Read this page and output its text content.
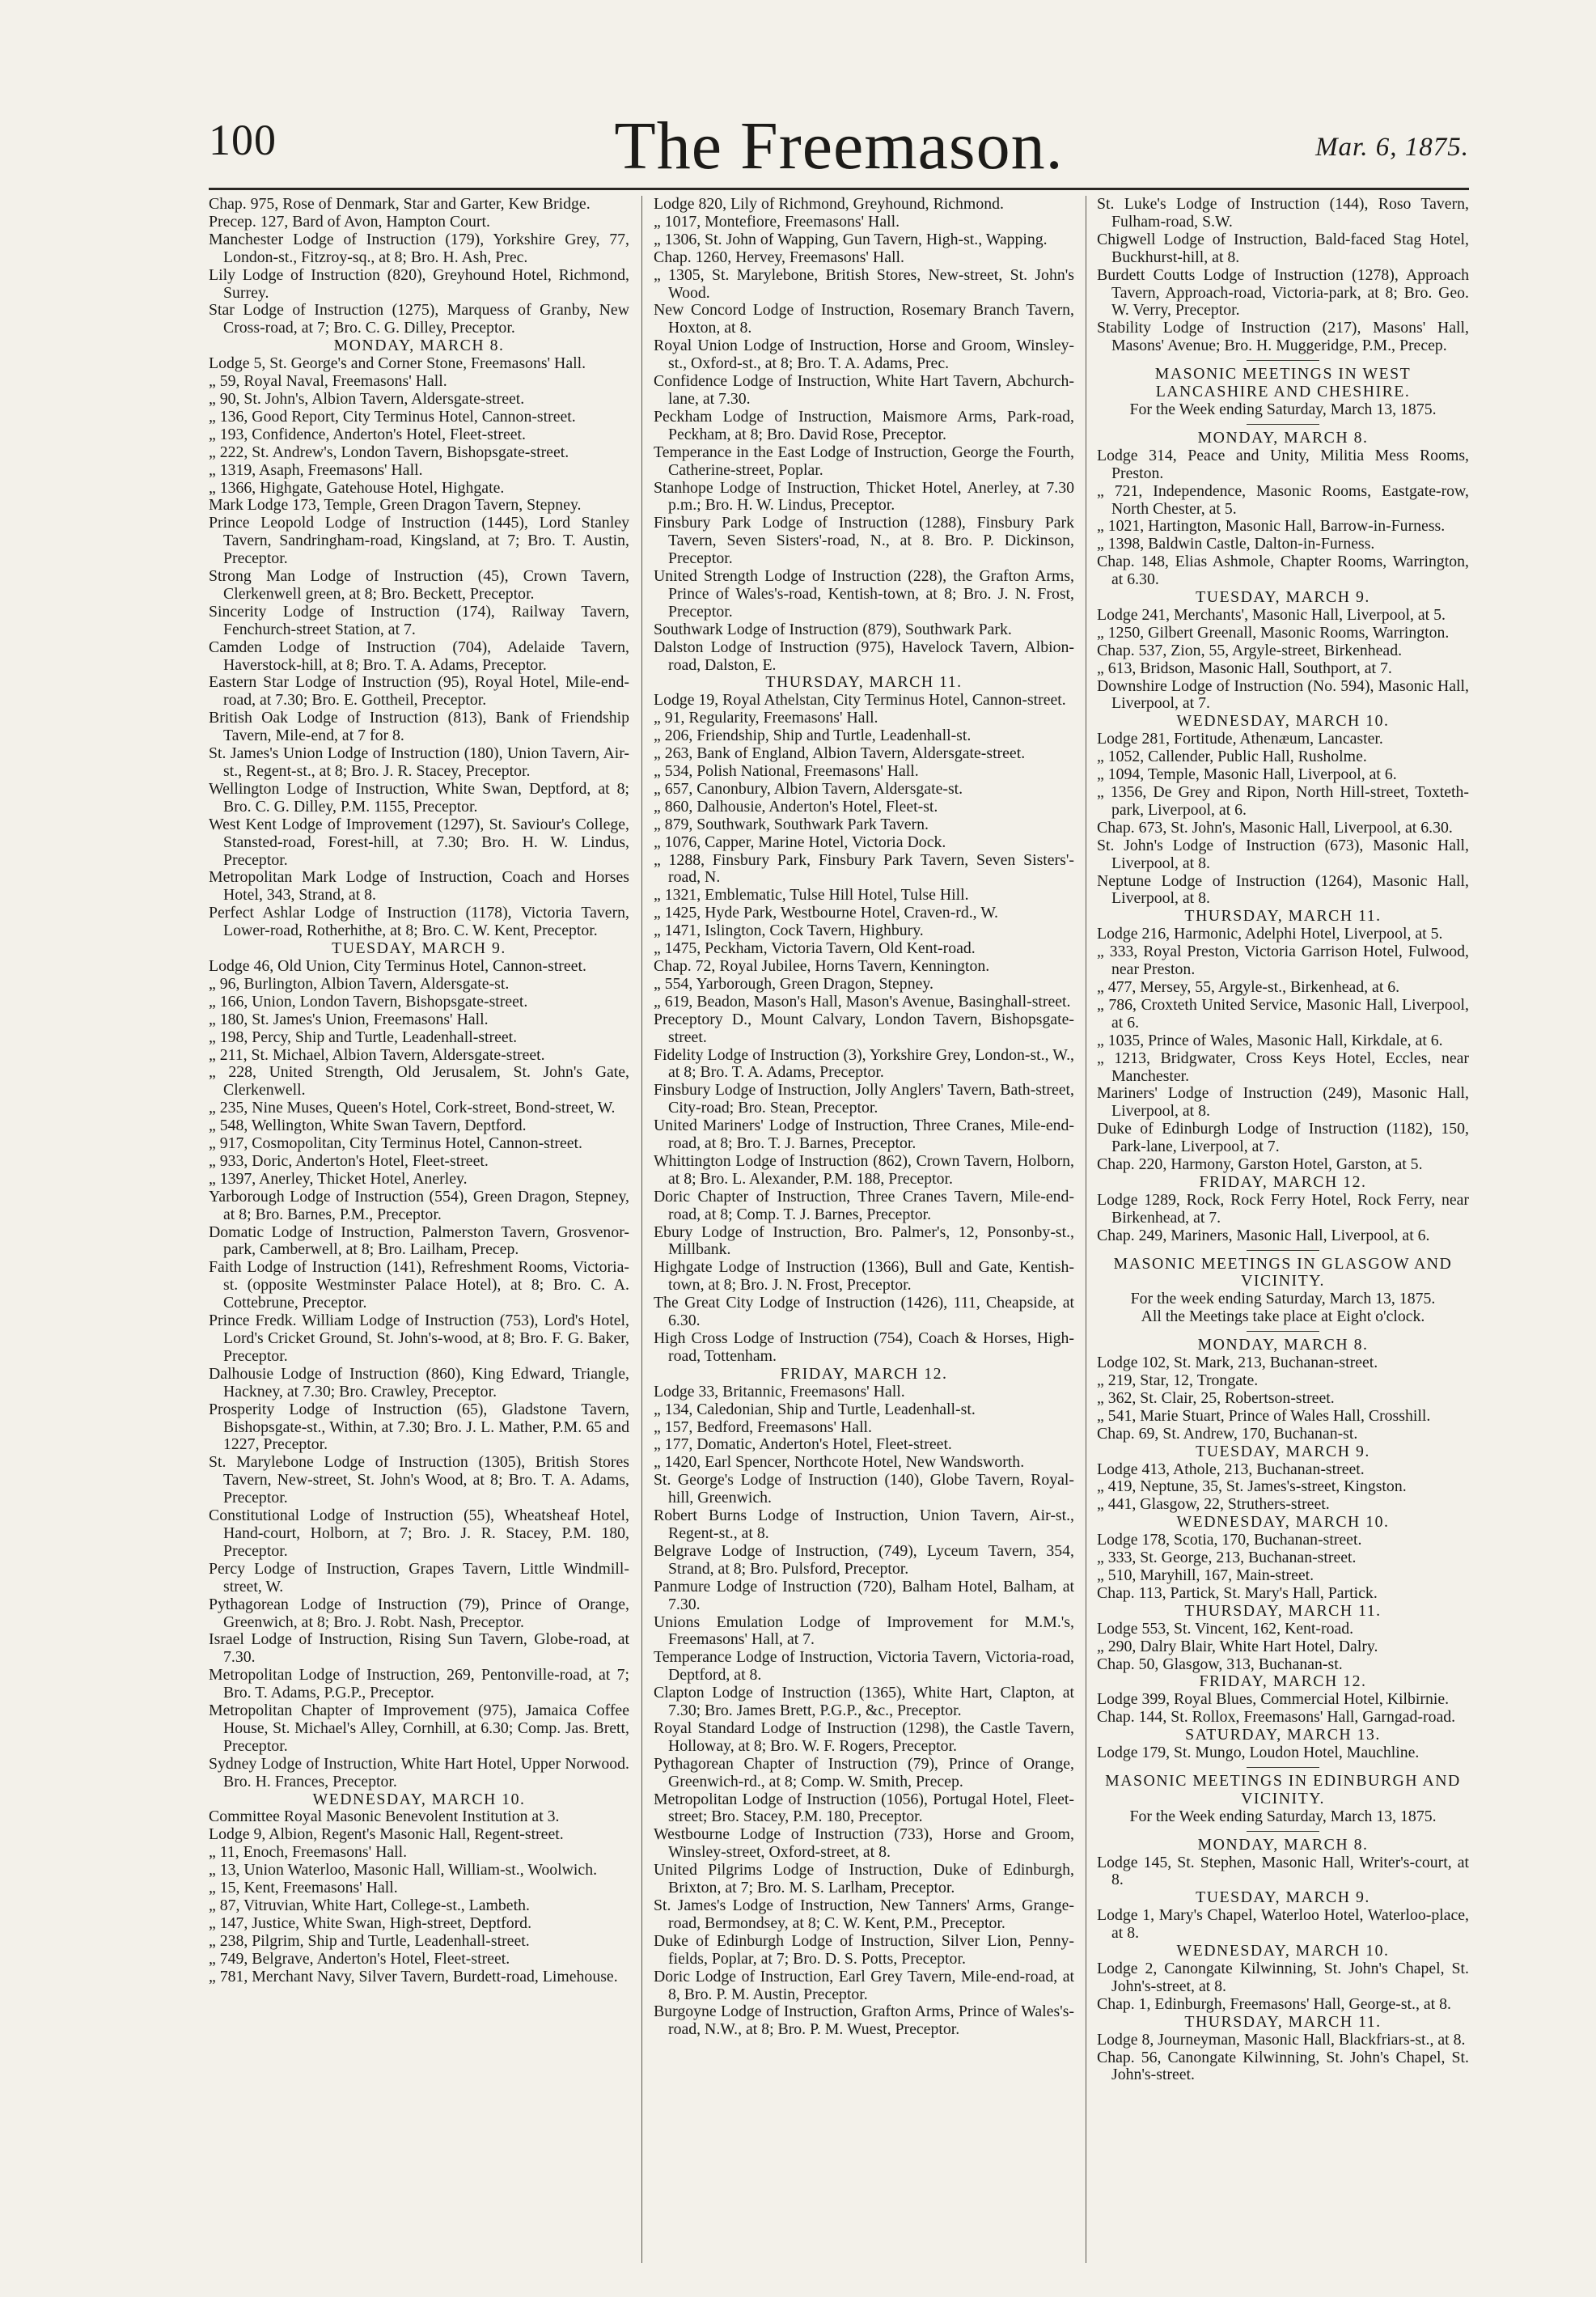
100	The Freemason.	Mar. 6, 1875.

Chap. 975, Rose of Denmark, Star and Garter, Kew Bridge.

Precep. 127, Bard of Avon, Hampton Court.

Manchester Lodge of Instruction (179), Yorkshire Grey, 77, London-st., Fitzroy-sq., at 8; Bro. H. Ash, Prec.

Lily Lodge of Instruction (820), Greyhound Hotel, Richmond, Surrey.

Star Lodge of Instruction (1275), Marquess of Granby, New Cross-road, at 7; Bro. C. G. Dilley, Preceptor.

MONDAY, MARCH 8.

Lodge 5, St. George's and Corner Stone, Freemasons' Hall.

„ 59, Royal Naval, Freemasons' Hall.

„ 90, St. John's, Albion Tavern, Aldersgate-street.

„ 136, Good Report, City Terminus Hotel, Cannon-street.

„ 193, Confidence, Anderton's Hotel, Fleet-street.

„ 222, St. Andrew's, London Tavern, Bishopsgate-street.

„ 1319, Asaph, Freemasons' Hall.

„ 1366, Highgate, Gatehouse Hotel, Highgate.

Mark Lodge 173, Temple, Green Dragon Tavern, Stepney.

Prince Leopold Lodge of Instruction (1445), Lord Stanley Tavern, Sandringham-road, Kingsland, at 7; Bro. T. Austin, Preceptor.

Strong Man Lodge of Instruction (45), Crown Tavern, Clerkenwell green, at 8; Bro. Beckett, Preceptor.

Sincerity Lodge of Instruction (174), Railway Tavern, Fenchurch-street Station, at 7.

Camden Lodge of Instruction (704), Adelaide Tavern, Haverstock-hill, at 8; Bro. T. A. Adams, Preceptor.

Eastern Star Lodge of Instruction (95), Royal Hotel, Mile-end-road, at 7.30; Bro. E. Gottheil, Preceptor.

British Oak Lodge of Instruction (813), Bank of Friendship Tavern, Mile-end, at 7 for 8.

St. James's Union Lodge of Instruction (180), Union Tavern, Air-st., Regent-st., at 8; Bro. J. R. Stacey, Preceptor.

Wellington Lodge of Instruction, White Swan, Deptford, at 8; Bro. C. G. Dilley, P.M. 1155, Preceptor.

West Kent Lodge of Improvement (1297), St. Saviour's College, Stansted-road, Forest-hill, at 7.30; Bro. H. W. Lindus, Preceptor.

Metropolitan Mark Lodge of Instruction, Coach and Horses Hotel, 343, Strand, at 8.

Perfect Ashlar Lodge of Instruction (1178), Victoria Tavern, Lower-road, Rotherhithe, at 8; Bro. C. W. Kent, Preceptor.

TUESDAY, MARCH 9.

Lodge 46, Old Union, City Terminus Hotel, Cannon-street.

„ 96, Burlington, Albion Tavern, Aldersgate-st.

„ 166, Union, London Tavern, Bishopsgate-street.

„ 180, St. James's Union, Freemasons' Hall.

„ 198, Percy, Ship and Turtle, Leadenhall-street.

„ 211, St. Michael, Albion Tavern, Aldersgate-street.

„ 228, United Strength, Old Jerusalem, St. John's Gate, Clerkenwell.

„ 235, Nine Muses, Queen's Hotel, Cork-street, Bond-street, W.

„ 548, Wellington, White Swan Tavern, Deptford.

„ 917, Cosmopolitan, City Terminus Hotel, Cannon-street.

„ 933, Doric, Anderton's Hotel, Fleet-street.

„ 1397, Anerley, Thicket Hotel, Anerley.

Yarborough Lodge of Instruction (554), Green Dragon, Stepney, at 8; Bro. Barnes, P.M., Preceptor.

Domatic Lodge of Instruction, Palmerston Tavern, Grosvenor-park, Camberwell, at 8; Bro. Lailham, Precep.

Faith Lodge of Instruction (141), Refreshment Rooms, Victoria-st. (opposite Westminster Palace Hotel), at 8; Bro. C. A. Cottebrune, Preceptor.

Prince Fredk. William Lodge of Instruction (753), Lord's Hotel, Lord's Cricket Ground, St. John's-wood, at 8; Bro. F. G. Baker, Preceptor.

Dalhousie Lodge of Instruction (860), King Edward, Triangle, Hackney, at 7.30; Bro. Crawley, Preceptor.

Prosperity Lodge of Instruction (65), Gladstone Tavern, Bishopsgate-st., Within, at 7.30; Bro. J. L. Mather, P.M. 65 and 1227, Preceptor.

St. Marylebone Lodge of Instruction (1305), British Stores Tavern, New-street, St. John's Wood, at 8; Bro. T. A. Adams, Preceptor.

Constitutional Lodge of Instruction (55), Wheatsheaf Hotel, Hand-court, Holborn, at 7; Bro. J. R. Stacey, P.M. 180, Preceptor.

Percy Lodge of Instruction, Grapes Tavern, Little Windmill-street, W.

Pythagorean Lodge of Instruction (79), Prince of Orange, Greenwich, at 8; Bro. J. Robt. Nash, Preceptor.

Israel Lodge of Instruction, Rising Sun Tavern, Globe-road, at 7.30.

Metropolitan Lodge of Instruction, 269, Pentonville-road, at 7; Bro. T. Adams, P.G.P., Preceptor.

Metropolitan Chapter of Improvement (975), Jamaica Coffee House, St. Michael's Alley, Cornhill, at 6.30; Comp. Jas. Brett, Preceptor.

Sydney Lodge of Instruction, White Hart Hotel, Upper Norwood. Bro. H. Frances, Preceptor.

WEDNESDAY, MARCH 10.

Committee Royal Masonic Benevolent Institution at 3.

Lodge 9, Albion, Regent's Masonic Hall, Regent-street.

„ 11, Enoch, Freemasons' Hall.

„ 13, Union Waterloo, Masonic Hall, William-st., Woolwich.

„ 15, Kent, Freemasons' Hall.

„ 87, Vitruvian, White Hart, College-st., Lambeth.

„ 147, Justice, White Swan, High-street, Deptford.

„ 238, Pilgrim, Ship and Turtle, Leadenhall-street.

„ 749, Belgrave, Anderton's Hotel, Fleet-street.

„ 781, Merchant Navy, Silver Tavern, Burdett-road, Limehouse.

Lodge 820, Lily of Richmond, Greyhound, Richmond.

„ 1017, Montefiore, Freemasons' Hall.

„ 1306, St. John of Wapping, Gun Tavern, High-st., Wapping.

Chap. 1260, Hervey, Freemasons' Hall.

„ 1305, St. Marylebone, British Stores, New-street, St. John's Wood.

New Concord Lodge of Instruction, Rosemary Branch Tavern, Hoxton, at 8.

Royal Union Lodge of Instruction, Horse and Groom, Winsley-st., Oxford-st., at 8; Bro. T. A. Adams, Prec.

Confidence Lodge of Instruction, White Hart Tavern, Abchurch-lane, at 7.30.

Peckham Lodge of Instruction, Maismore Arms, Park-road, Peckham, at 8; Bro. David Rose, Preceptor.

Temperance in the East Lodge of Instruction, George the Fourth, Catherine-street, Poplar.

Stanhope Lodge of Instruction, Thicket Hotel, Anerley, at 7.30 p.m.; Bro. H. W. Lindus, Preceptor.

Finsbury Park Lodge of Instruction (1288), Finsbury Park Tavern, Seven Sisters'-road, N., at 8. Bro. P. Dickinson, Preceptor.

United Strength Lodge of Instruction (228), the Grafton Arms, Prince of Wales's-road, Kentish-town, at 8; Bro. J. N. Frost, Preceptor.

Southwark Lodge of Instruction (879), Southwark Park.

Dalston Lodge of Instruction (975), Havelock Tavern, Albion-road, Dalston, E.

THURSDAY, MARCH 11.

Lodge 19, Royal Athelstan, City Terminus Hotel, Cannon-street.

„ 91, Regularity, Freemasons' Hall.

„ 206, Friendship, Ship and Turtle, Leadenhall-st.

„ 263, Bank of England, Albion Tavern, Aldersgate-street.

„ 534, Polish National, Freemasons' Hall.

„ 657, Canonbury, Albion Tavern, Aldersgate-st.

„ 860, Dalhousie, Anderton's Hotel, Fleet-st.

„ 879, Southwark, Southwark Park Tavern.

„ 1076, Capper, Marine Hotel, Victoria Dock.

„ 1288, Finsbury Park, Finsbury Park Tavern, Seven Sisters'-road, N.

„ 1321, Emblematic, Tulse Hill Hotel, Tulse Hill.

„ 1425, Hyde Park, Westbourne Hotel, Craven-rd., W.

„ 1471, Islington, Cock Tavern, Highbury.

„ 1475, Peckham, Victoria Tavern, Old Kent-road.

Chap. 72, Royal Jubilee, Horns Tavern, Kennington.

„ 554, Yarborough, Green Dragon, Stepney.

„ 619, Beadon, Mason's Hall, Mason's Avenue, Basinghall-street.

Preceptory D., Mount Calvary, London Tavern, Bishopsgate-street.

Fidelity Lodge of Instruction (3), Yorkshire Grey, London-st., W., at 8; Bro. T. A. Adams, Preceptor.

Finsbury Lodge of Instruction, Jolly Anglers' Tavern, Bath-street, City-road; Bro. Stean, Preceptor.

United Mariners' Lodge of Instruction, Three Cranes, Mile-end-road, at 8; Bro. T. J. Barnes, Preceptor.

Whittington Lodge of Instruction (862), Crown Tavern, Holborn, at 8; Bro. L. Alexander, P.M. 188, Preceptor.

Doric Chapter of Instruction, Three Cranes Tavern, Mile-end-road, at 8; Comp. T. J. Barnes, Preceptor.

Ebury Lodge of Instruction, Bro. Palmer's, 12, Ponsonby-st., Millbank.

Highgate Lodge of Instruction (1366), Bull and Gate, Kentish-town, at 8; Bro. J. N. Frost, Preceptor.

The Great City Lodge of Instruction (1426), 111, Cheapside, at 6.30.

High Cross Lodge of Instruction (754), Coach & Horses, High-road, Tottenham.

FRIDAY, MARCH 12.

Lodge 33, Britannic, Freemasons' Hall.

„ 134, Caledonian, Ship and Turtle, Leadenhall-st.

„ 157, Bedford, Freemasons' Hall.

„ 177, Domatic, Anderton's Hotel, Fleet-street.

„ 1420, Earl Spencer, Northcote Hotel, New Wandsworth.

St. George's Lodge of Instruction (140), Globe Tavern, Royal-hill, Greenwich.

Robert Burns Lodge of Instruction, Union Tavern, Air-st., Regent-st., at 8.

Belgrave Lodge of Instruction, (749), Lyceum Tavern, 354, Strand, at 8; Bro. Pulsford, Preceptor.

Panmure Lodge of Instruction (720), Balham Hotel, Balham, at 7.30.

Unions Emulation Lodge of Improvement for M.M.'s, Freemasons' Hall, at 7.

Temperance Lodge of Instruction, Victoria Tavern, Victoria-road, Deptford, at 8.

Clapton Lodge of Instruction (1365), White Hart, Clapton, at 7.30; Bro. James Brett, P.G.P., &c., Preceptor.

Royal Standard Lodge of Instruction (1298), the Castle Tavern, Holloway, at 8; Bro. W. F. Rogers, Preceptor.

Pythagorean Chapter of Instruction (79), Prince of Orange, Greenwich-rd., at 8; Comp. W. Smith, Precep.

Metropolitan Lodge of Instruction (1056), Portugal Hotel, Fleet-street; Bro. Stacey, P.M. 180, Preceptor.

Westbourne Lodge of Instruction (733), Horse and Groom, Winsley-street, Oxford-street, at 8.

United Pilgrims Lodge of Instruction, Duke of Edinburgh, Brixton, at 7; Bro. M. S. Larlham, Preceptor.

St. James's Lodge of Instruction, New Tanners' Arms, Grange-road, Bermondsey, at 8; C. W. Kent, P.M., Preceptor.

Duke of Edinburgh Lodge of Instruction, Silver Lion, Penny-fields, Poplar, at 7; Bro. D. S. Potts, Preceptor.

Doric Lodge of Instruction, Earl Grey Tavern, Mile-end-road, at 8, Bro. P. M. Austin, Preceptor.

Burgoyne Lodge of Instruction, Grafton Arms, Prince of Wales's-road, N.W., at 8; Bro. P. M. Wuest, Preceptor.

St. Luke's Lodge of Instruction (144), Roso Tavern, Fulham-road, S.W.

Chigwell Lodge of Instruction, Bald-faced Stag Hotel, Buckhurst-hill, at 8.

Burdett Coutts Lodge of Instruction (1278), Approach Tavern, Approach-road, Victoria-park, at 8; Bro. Geo. W. Verry, Preceptor.

Stability Lodge of Instruction (217), Masons' Hall, Masons' Avenue; Bro. H. Muggeridge, P.M., Precep.

MASONIC MEETINGS IN WEST LANCASHIRE AND CHESHIRE.

For the Week ending Saturday, March 13, 1875.

MONDAY, MARCH 8.

Lodge 314, Peace and Unity, Militia Mess Rooms, Preston.

„ 721, Independence, Masonic Rooms, Eastgate-row, North Chester, at 5.

„ 1021, Hartington, Masonic Hall, Barrow-in-Furness.

„ 1398, Baldwin Castle, Dalton-in-Furness.

Chap. 148, Elias Ashmole, Chapter Rooms, Warrington, at 6.30.

TUESDAY, MARCH 9.

Lodge 241, Merchants', Masonic Hall, Liverpool, at 5.

„ 1250, Gilbert Greenall, Masonic Rooms, Warrington.

Chap. 537, Zion, 55, Argyle-street, Birkenhead.

„ 613, Bridson, Masonic Hall, Southport, at 7.

Downshire Lodge of Instruction (No. 594), Masonic Hall, Liverpool, at 7.

WEDNESDAY, MARCH 10.

Lodge 281, Fortitude, Athenæum, Lancaster.

„ 1052, Callender, Public Hall, Rusholme.

„ 1094, Temple, Masonic Hall, Liverpool, at 6.

„ 1356, De Grey and Ripon, North Hill-street, Toxteth-park, Liverpool, at 6.

Chap. 673, St. John's, Masonic Hall, Liverpool, at 6.30.

St. John's Lodge of Instruction (673), Masonic Hall, Liverpool, at 8.

Neptune Lodge of Instruction (1264), Masonic Hall, Liverpool, at 8.

THURSDAY, MARCH 11.

Lodge 216, Harmonic, Adelphi Hotel, Liverpool, at 5.

„ 333, Royal Preston, Victoria Garrison Hotel, Fulwood, near Preston.

„ 477, Mersey, 55, Argyle-st., Birkenhead, at 6.

„ 786, Croxteth United Service, Masonic Hall, Liverpool, at 6.

„ 1035, Prince of Wales, Masonic Hall, Kirkdale, at 6.

„ 1213, Bridgwater, Cross Keys Hotel, Eccles, near Manchester.

Mariners' Lodge of Instruction (249), Masonic Hall, Liverpool, at 8.

Duke of Edinburgh Lodge of Instruction (1182), 150, Park-lane, Liverpool, at 7.

Chap. 220, Harmony, Garston Hotel, Garston, at 5.

FRIDAY, MARCH 12.

Lodge 1289, Rock, Rock Ferry Hotel, Rock Ferry, near Birkenhead, at 7.

Chap. 249, Mariners, Masonic Hall, Liverpool, at 6.

MASONIC MEETINGS IN GLASGOW AND VICINITY.

For the week ending Saturday, March 13, 1875.

All the Meetings take place at Eight o'clock.

MONDAY, MARCH 8.

Lodge 102, St. Mark, 213, Buchanan-street.

„ 219, Star, 12, Trongate.

„ 362, St. Clair, 25, Robertson-street.

„ 541, Marie Stuart, Prince of Wales Hall, Crosshill.

Chap. 69, St. Andrew, 170, Buchanan-st.

TUESDAY, MARCH 9.

Lodge 413, Athole, 213, Buchanan-street.

„ 419, Neptune, 35, St. James's-street, Kingston.

„ 441, Glasgow, 22, Struthers-street.

WEDNESDAY, MARCH 10.

Lodge 178, Scotia, 170, Buchanan-street.

„ 333, St. George, 213, Buchanan-street.

„ 510, Maryhill, 167, Main-street.

Chap. 113, Partick, St. Mary's Hall, Partick.

THURSDAY, MARCH 11.

Lodge 553, St. Vincent, 162, Kent-road.

„ 290, Dalry Blair, White Hart Hotel, Dalry.

Chap. 50, Glasgow, 313, Buchanan-st.

FRIDAY, MARCH 12.

Lodge 399, Royal Blues, Commercial Hotel, Kilbirnie.

Chap. 144, St. Rollox, Freemasons' Hall, Garngad-road.

SATURDAY, MARCH 13.

Lodge 179, St. Mungo, Loudon Hotel, Mauchline.

MASONIC MEETINGS IN EDINBURGH AND VICINITY.

For the Week ending Saturday, March 13, 1875.

MONDAY, MARCH 8.

Lodge 145, St. Stephen, Masonic Hall, Writer's-court, at 8.

TUESDAY, MARCH 9.

Lodge 1, Mary's Chapel, Waterloo Hotel, Waterloo-place, at 8.

WEDNESDAY, MARCH 10.

Lodge 2, Canongate Kilwinning, St. John's Chapel, St. John's-street, at 8.

Chap. 1, Edinburgh, Freemasons' Hall, George-st., at 8.

THURSDAY, MARCH 11.

Lodge 8, Journeyman, Masonic Hall, Blackfriars-st., at 8.

Chap. 56, Canongate Kilwinning, St. John's Chapel, St. John's-street.
